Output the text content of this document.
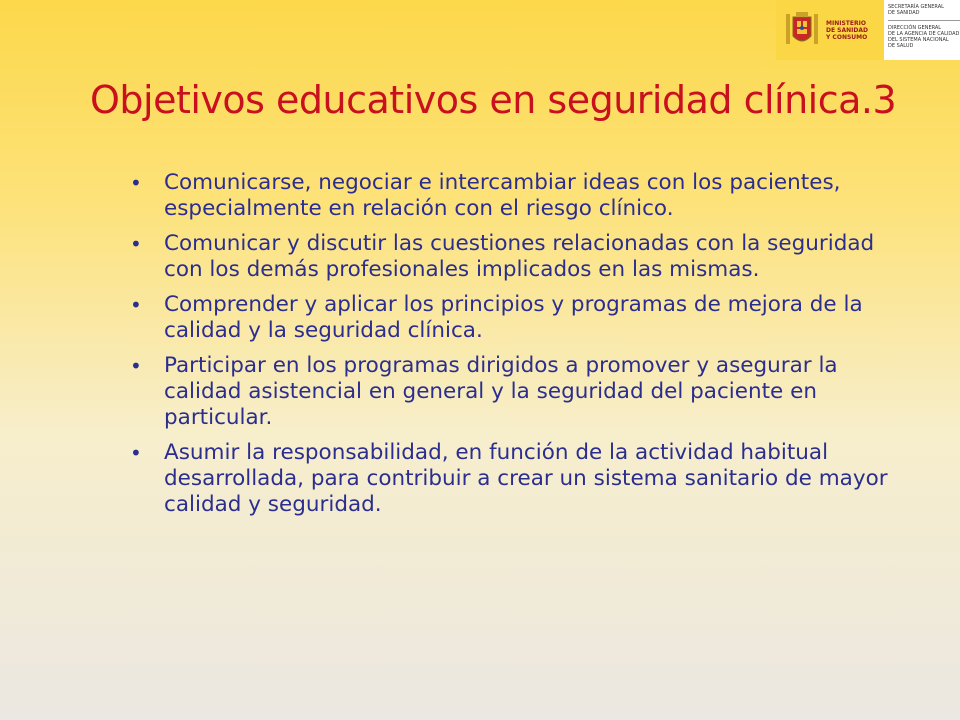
MINISTERIO
DE SANIDAD
Y CONSUMO
SECRETARÍA GENERAL
DE SANIDAD
DIRECCIÓN GENERAL
DE LA AGENCIA DE CALIDAD
DEL SISTEMA NACIONAL
DE SALUD
Objetivos educativos en seguridad clínica.3
• Comunicarse, negociar e intercambiar ideas con los pacientes, especialmente en relación con el riesgo clínico.
• Comunicar y discutir las cuestiones relacionadas con la seguridad con los demás profesionales implicados en las mismas.
• Comprender y aplicar los principios y programas de mejora de la calidad y la seguridad clínica.
• Participar en los programas dirigidos a promover y asegurar la calidad asistencial en general y la seguridad del paciente en particular.
• Asumir la responsabilidad, en función de la actividad habitual desarrollada, para contribuir a crear un sistema sanitario de mayor calidad y seguridad.
